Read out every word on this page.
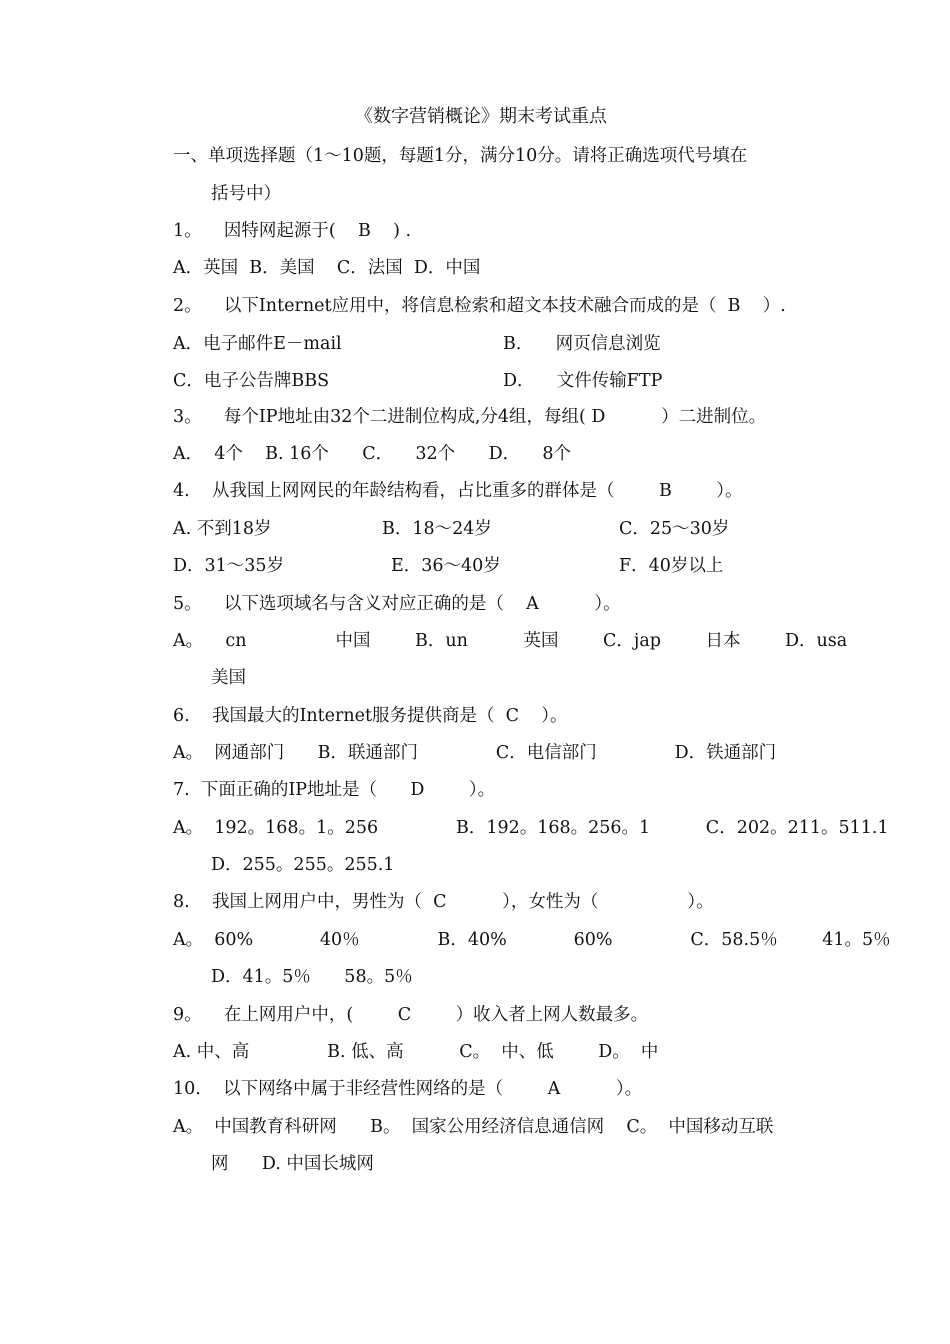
《数字营销概论》期末考试重点
一、单项选择题（1～10题，每题1分，满分10分。请将正确选项代号填在
括号中）
1。    因特网起源于(    B    ) .
A．英国  B．美国    C．法国  D．中国
2。    以下Internet应用中，将信息检索和超文本技术融合而成的是（  B    ）.
A．电子邮件E－mail	B．    网页信息浏览
C．电子公告牌BBS	D．    文件传输FTP
3。    每个IP地址由32个二进制位构成,分4组，每组( D          ）二进制位。
A．  4个    B. 16个      C．    32个      D．    8个
4.    从我国上网网民的年龄结构看，占比重多的群体是（        B        ）。
A. 不到18岁	B．18～24岁	C．25～30岁
D．31～35岁	E．36～40岁	F．40岁以上
5。    以下选项域名与含义对应正确的是（    A          ）。
A。    cn                中国        B．un          英国        C．jap        日本        D．usa
美国
6.    我国最大的Internet服务提供商是（  C    ）。
A。  网通部门      B．联通部门              C．电信部门              D．铁通部门
7.  下面正确的IP地址是（      D        ）。
A。  192。168。1。256              B．192。168。256。1          C．202。211。511.1
D．255。255。255.1
8.    我国上网用户中，男性为（  C          ），女性为（                ）。
A。  60%            40％              B．40%            60%              C．58.5％        41。5％
D．41。5％      58。5％
9。    在上网用户中，(        C        ）收入者上网人数最多。
A. 中、高              B. 低、高          C。  中、低        D。  中
10.    以下网络中属于非经营性网络的是（        A          ）。
A。  中国教育科研网      B。  国家公用经济信息通信网    C。  中国移动互联
网      D. 中国长城网
